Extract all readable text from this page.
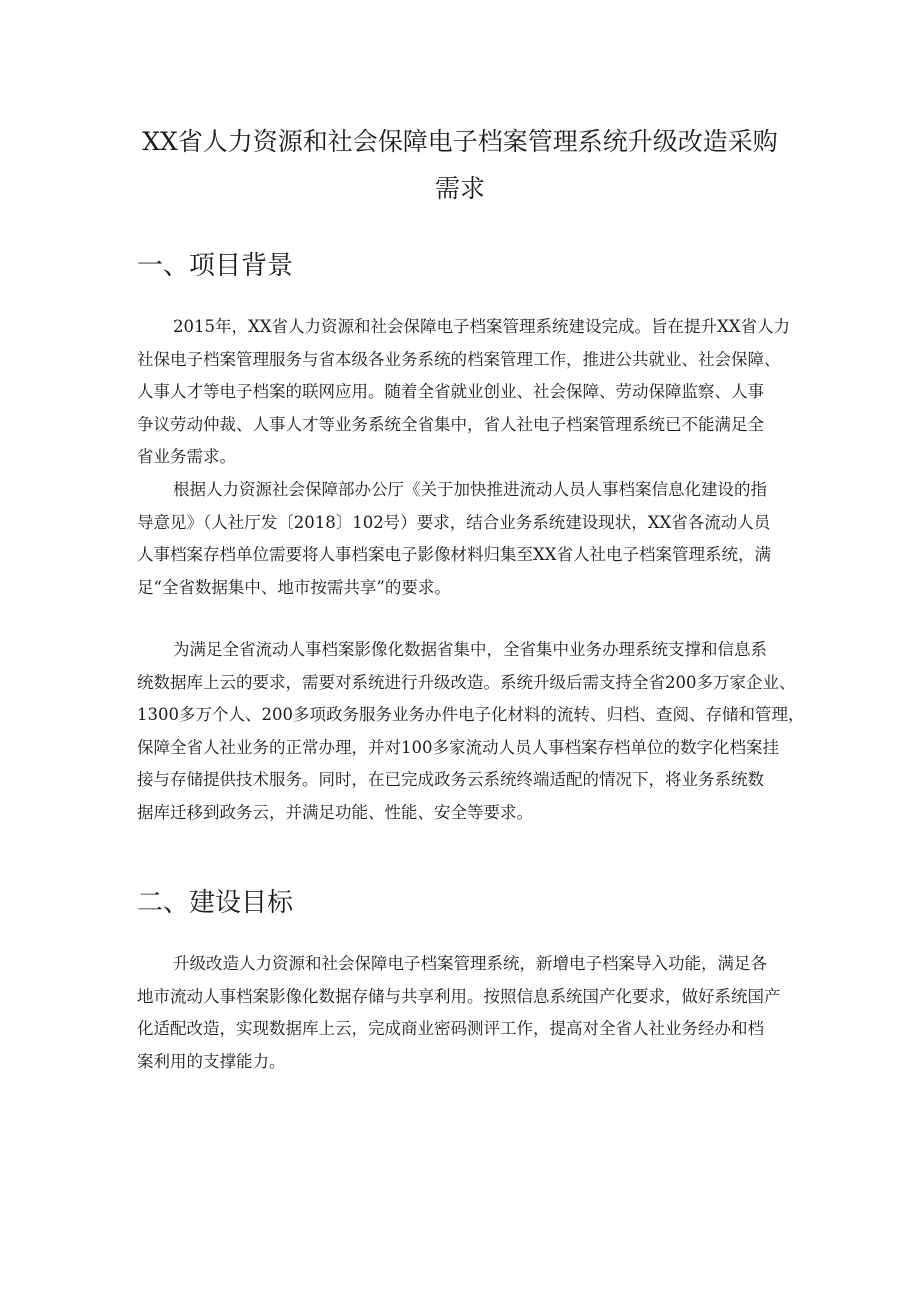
XX省人力资源和社会保障电子档案管理系统升级改造采购
需求
一、项目背景

2015年，XX省人力资源和社会保障电子档案管理系统建设完成。旨在提升XX省人力
社保电子档案管理服务与省本级各业务系统的档案管理工作，推进公共就业、社会保障、
人事人才等电子档案的联网应用。随着全省就业创业、社会保障、劳动保障监察、人事
争议劳动仲裁、人事人才等业务系统全省集中，省人社电子档案管理系统已不能满足全
省业务需求。

根据人力资源社会保障部办公厅《关于加快推进流动人员人事档案信息化建设的指
导意见》（人社厅发〔2018〕102号）要求，结合业务系统建设现状，XX省各流动人员
人事档案存档单位需要将人事档案电子影像材料归集至XX省人社电子档案管理系统，满
足“全省数据集中、地市按需共享”的要求。

为满足全省流动人事档案影像化数据省集中，全省集中业务办理系统支撑和信息系
统数据库上云的要求，需要对系统进行升级改造。系统升级后需支持全省200多万家企业、
1300多万个人、200多项政务服务业务办件电子化材料的流转、归档、查阅、存储和管理，
保障全省人社业务的正常办理，并对100多家流动人员人事档案存档单位的数字化档案挂
接与存储提供技术服务。同时，在已完成政务云系统终端适配的情况下，将业务系统数
据库迁移到政务云，并满足功能、性能、安全等要求。

二、建设目标

升级改造人力资源和社会保障电子档案管理系统，新增电子档案导入功能，满足各
地市流动人事档案影像化数据存储与共享利用。按照信息系统国产化要求，做好系统国产
化适配改造，实现数据库上云，完成商业密码测评工作，提高对全省人社业务经办和档
案利用的支撑能力。
